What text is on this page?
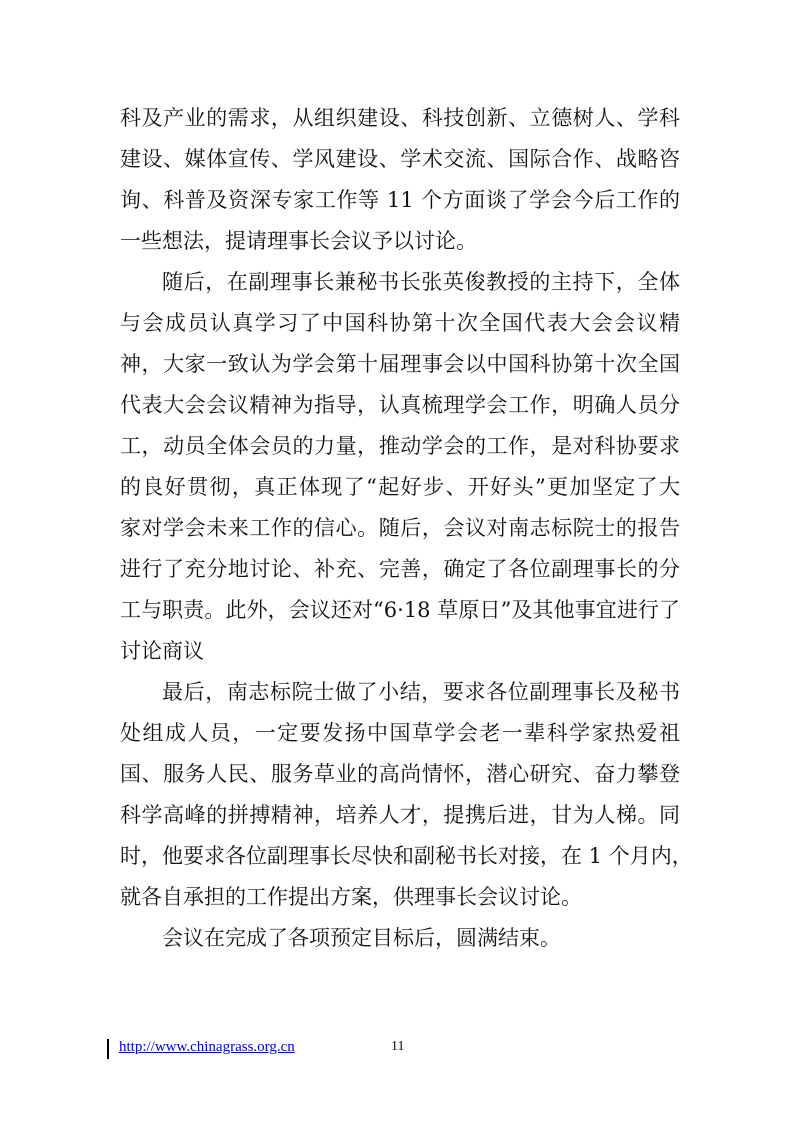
科及产业的需求，从组织建设、科技创新、立德树人、学科
建设、媒体宣传、学风建设、学术交流、国际合作、战略咨
询、科普及资深专家工作等 11 个方面谈了学会今后工作的
一些想法，提请理事长会议予以讨论。
随后，在副理事长兼秘书长张英俊教授的主持下，全体
与会成员认真学习了中国科协第十次全国代表大会会议精
神，大家一致认为学会第十届理事会以中国科协第十次全国
代表大会会议精神为指导，认真梳理学会工作，明确人员分
工，动员全体会员的力量，推动学会的工作，是对科协要求
的良好贯彻，真正体现了“起好步、开好头”更加坚定了大
家对学会未来工作的信心。随后，会议对南志标院士的报告
进行了充分地讨论、补充、完善，确定了各位副理事长的分
工与职责。此外，会议还对“6·18 草原日”及其他事宜进行了
讨论商议
最后，南志标院士做了小结，要求各位副理事长及秘书
处组成人员，一定要发扬中国草学会老一辈科学家热爱祖
国、服务人民、服务草业的高尚情怀，潜心研究、奋力攀登
科学高峰的拼搏精神，培养人才，提携后进，甘为人梯。同
时，他要求各位副理事长尽快和副秘书长对接，在 1 个月内，
就各自承担的工作提出方案，供理事长会议讨论。
会议在完成了各项预定目标后，圆满结束。
http://www.chinagrass.org.cn	11
